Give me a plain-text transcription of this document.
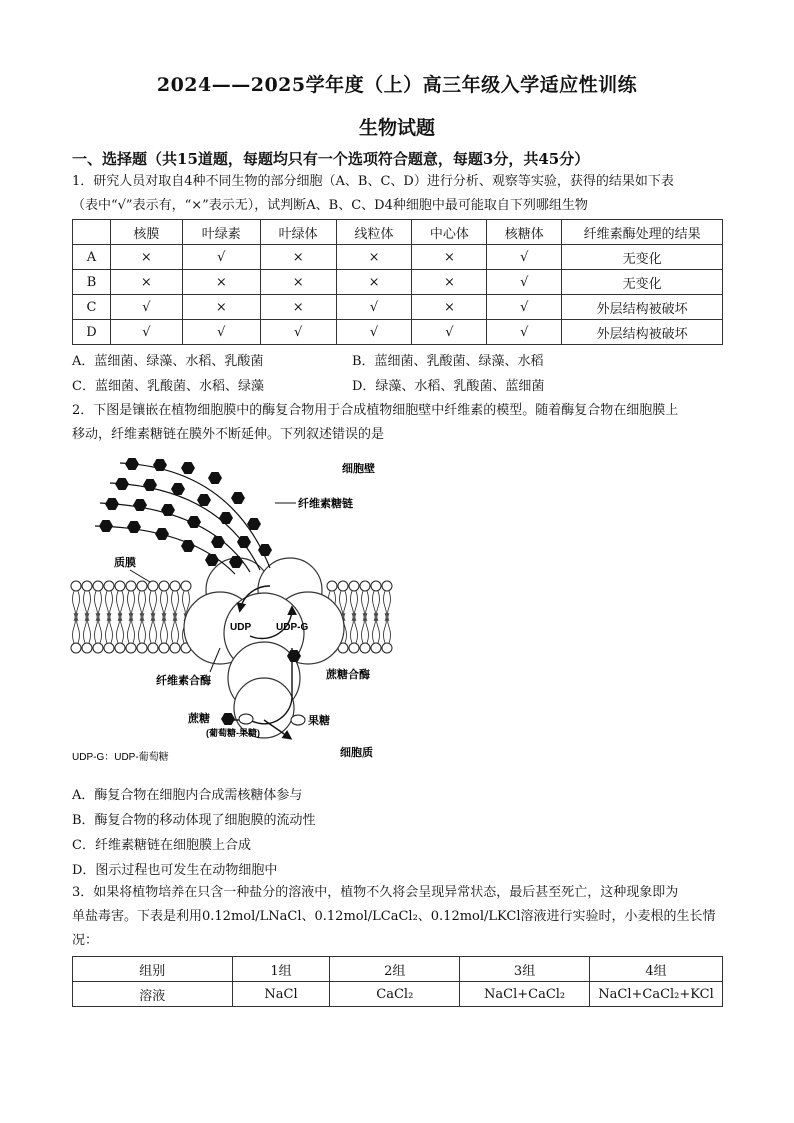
2024——2025学年度（上）高三年级入学适应性训练
生物试题
一、选择题（共15道题，每题均只有一个选项符合题意，每题3分，共45分）
1．研究人员对取自4种不同生物的部分细胞（A、B、C、D）进行分析、观察等实验，获得的结果如下表
（表中“√”表示有，“×”表示无），试判断A、B、C、D4种细胞中最可能取自下列哪组生物
	核膜	叶绿素	叶绿体	线粒体	中心体	核糖体	纤维素酶处理的结果
A	×	√	×	×	×	√	无变化
B	×	×	×	×	×	√	无变化
C	√	×	×	√	×	√	外层结构被破坏
D	√	√	√	√	√	√	外层结构被破坏
A．蓝细菌、绿藻、水稻、乳酸菌	B．蓝细菌、乳酸菌、绿藻、水稻
C．蓝细菌、乳酸菌、水稻、绿藻	D．绿藻、水稻、乳酸菌、蓝细菌
2．下图是镶嵌在植物细胞膜中的酶复合物用于合成植物细胞壁中纤维素的模型。随着酶复合物在细胞膜上
移动，纤维素糖链在膜外不断延伸。下列叙述错误的是
细胞壁
纤维素糖链
质膜
UDP UDP-G
纤维素合酶	蔗糖合酶
蔗糖
(葡萄糖-果糖)
果糖
细胞质
UDP-G：UDP-葡萄糖
A．酶复合物在细胞内合成需核糖体参与
B．酶复合物的移动体现了细胞膜的流动性
C．纤维素糖链在细胞膜上合成
D．图示过程也可发生在动物细胞中
3．如果将植物培养在只含一种盐分的溶液中，植物不久将会呈现异常状态，最后甚至死亡，这种现象即为
单盐毒害。下表是利用0.12mol/LNaCl、0.12mol/LCaCl₂、0.12mol/LKCl溶液进行实验时，小麦根的生长情
况：
组别	1组	2组	3组	4组
溶液	NaCl	CaCl₂	NaCl+CaCl₂	NaCl+CaCl₂+KCl
